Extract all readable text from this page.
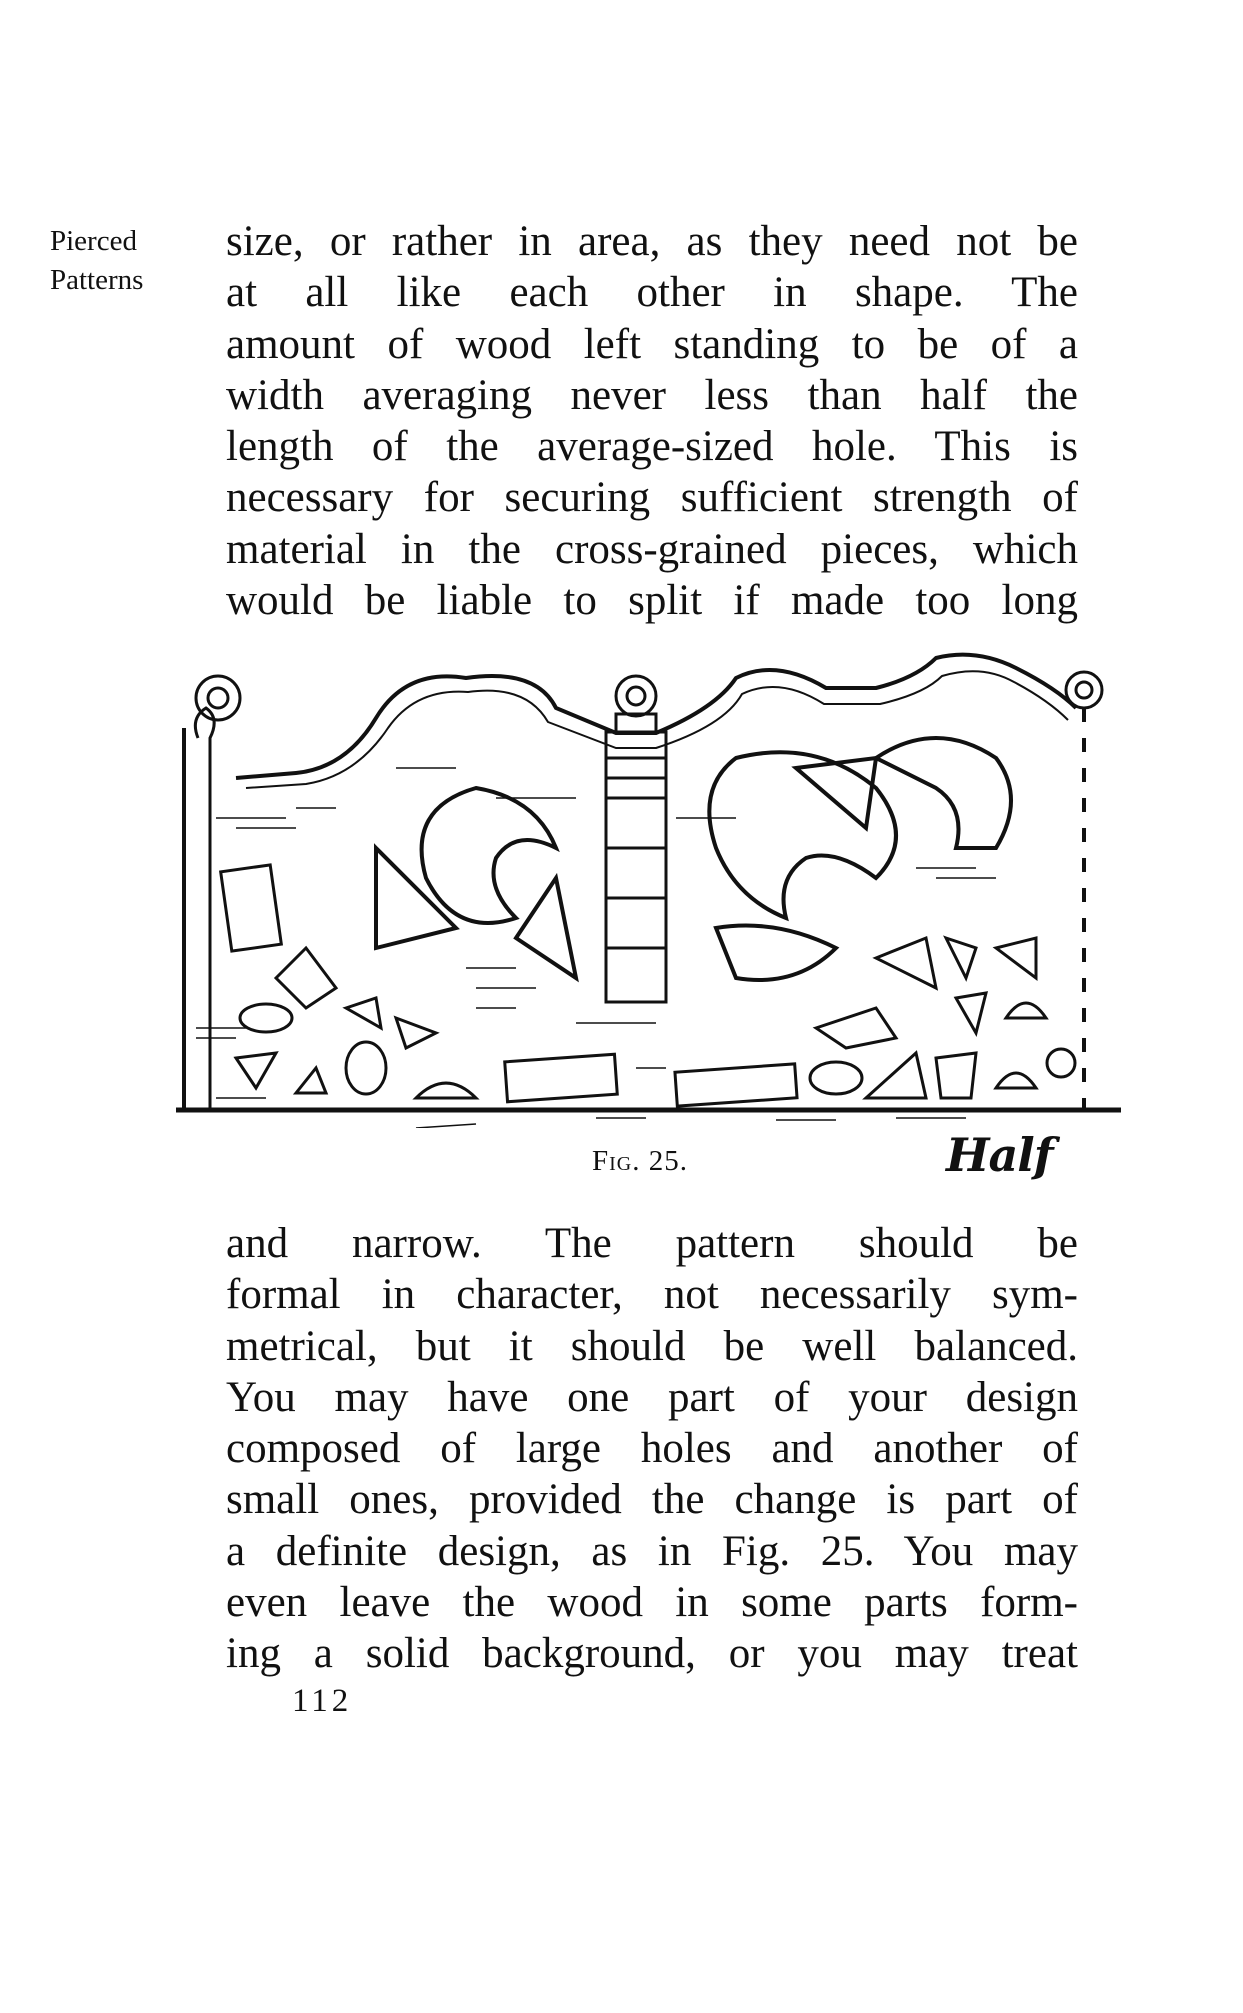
Pierced
Patterns
size, or rather in area, as they need not be
at all like each other in shape. The
amount of wood left standing to be of a
width averaging never less than half the
length of the average-sized hole. This is
necessary for securing sufficient strength of
material in the cross-grained pieces, which
would be liable to split if made too long
Fig. 25.	Half
and narrow. The pattern should be
formal in character, not necessarily sym-
metrical, but it should be well balanced.
You may have one part of your design
composed of large holes and another of
small ones, provided the change is part of
a definite design, as in Fig. 25. You may
even leave the wood in some parts form-
ing a solid background, or you may treat
112
